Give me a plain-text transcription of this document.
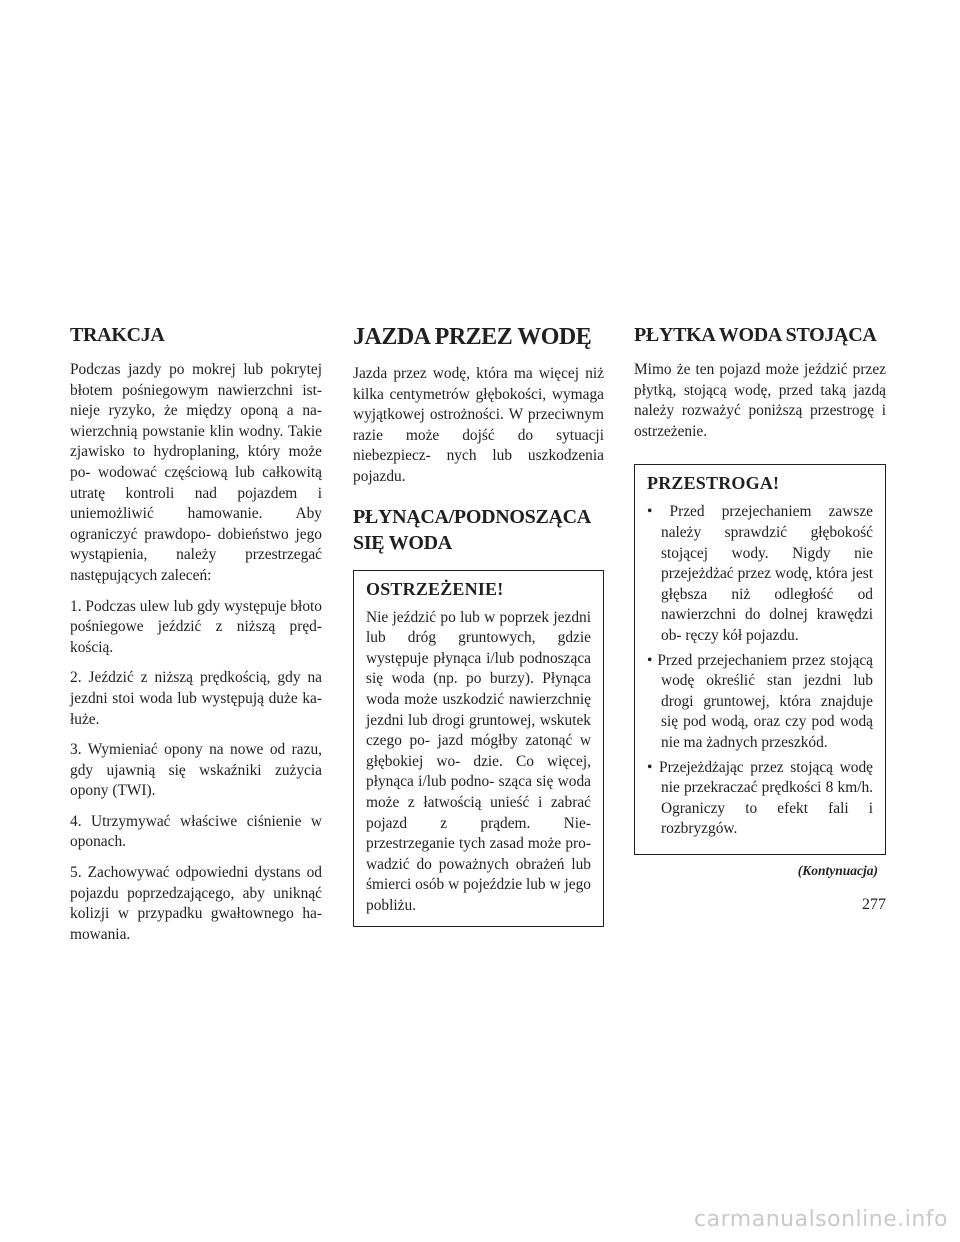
TRAKCJA

Podczas jazdy po mokrej lub pokrytej błotem pośniegowym nawierzchni ist- nieje ryzyko, że między oponą a na- wierzchnią powstanie klin wodny. Takie zjawisko to hydroplaning, który może po- wodować częściową lub całkowitą utratę kontroli nad pojazdem i uniemożliwić hamowanie. Aby ograniczyć prawdopo- dobieństwo jego wystąpienia, należy przestrzegać następujących zaleceń:

1. Podczas ulew lub gdy występuje błoto pośniegowe jeździć z niższą pręd- kością.

2. Jeździć z niższą prędkością, gdy na jezdni stoi woda lub występują duże ka- łuże.

3. Wymieniać opony na nowe od razu, gdy ujawnią się wskaźniki zużycia opony (TWI).

4. Utrzymywać właściwe ciśnienie w oponach.

5. Zachowywać odpowiedni dystans od pojazdu poprzedzającego, aby uniknąć kolizji w przypadku gwałtownego ha- mowania.

JAZDA PRZEZ WODĘ

Jazda przez wodę, która ma więcej niż kilka centymetrów głębokości, wymaga wyjątkowej ostrożności. W przeciwnym razie może dojść do sytuacji niebezpiecz- nych lub uszkodzenia pojazdu.

PŁYNĄCA/PODNOSZĄCA
SIĘ WODA
OSTRZEŻENIE!

Nie jeździć po lub w poprzek jezdni lub dróg gruntowych, gdzie występuje płynąca i/lub podnosząca się woda (np. po burzy). Płynąca woda może uszkodzić nawierzchnię jezdni lub drogi gruntowej, wskutek czego po- jazd mógłby zatonąć w głębokiej wo- dzie. Co więcej, płynąca i/lub podno- sząca się woda może z łatwością unieść i zabrać pojazd z prądem. Nie- przestrzeganie tych zasad może pro- wadzić do poważnych obrażeń lub śmierci osób w pojeździe lub w jego pobliżu.

PŁYTKA WODA STOJĄCA

Mimo że ten pojazd może jeździć przez płytką, stojącą wodę, przed taką jazdą należy rozważyć poniższą przestrogę i ostrzeżenie.

PRZESTROGA!
• Przed przejechaniem zawsze należy sprawdzić głębokość stojącej wody. Nigdy nie przejeżdżać przez wodę, która jest głębsza niż odległość od nawierzchni do dolnej krawędzi ob- ręczy kół pojazdu.
• Przed przejechaniem przez stojącą wodę określić stan jezdni lub drogi gruntowej, która znajduje się pod wodą, oraz czy pod wodą nie ma żadnych przeszkód.
• Przejeżdżając przez stojącą wodę nie przekraczać prędkości 8 km/h. Ograniczy to efekt fali i rozbryzgów.
(Kontynuacja)
277
carmanualsonline.info
